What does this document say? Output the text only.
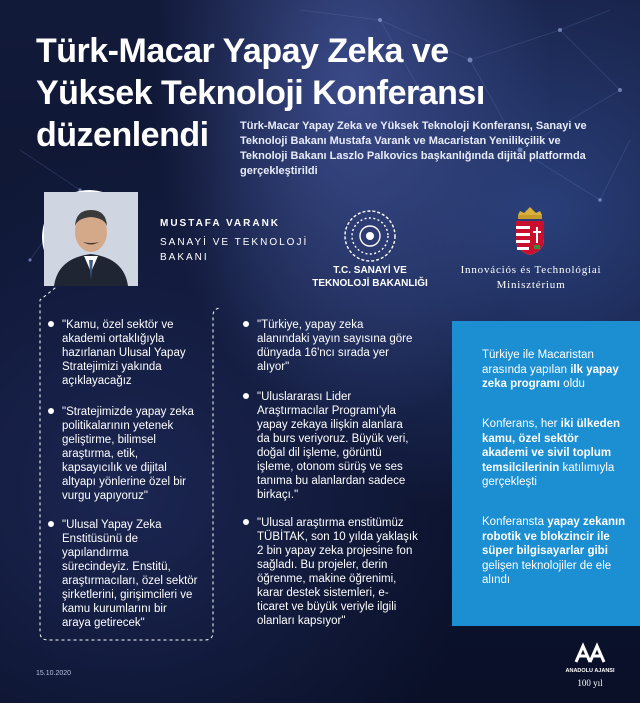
Türk-Macar Yapay Zeka ve
Yüksek Teknoloji Konferansı
düzenlendi	Türk-Macar Yapay Zeka ve Yüksek Teknoloji Konferansı, Sanayi ve Teknoloji Bakanı Mustafa Varank ve Macaristan Yenilikçilik ve Teknoloji Bakanı Laszlo Palkovics başkanlığında dijital platformda gerçekleştirildi
MUSTAFA VARANK
SANAYİ VE TEKNOLOJİ BAKANI
T.C. SANAYİ VE
TEKNOLOJİ BAKANLIĞI
Innovációs és Technológiai
Minisztérium
"Kamu, özel sektör ve akademi ortaklığıyla hazırlanan Ulusal Yapay Stratejimizi yakında açıklayacağız
"Stratejimizde yapay zeka politikalarının yetenek geliştirme, bilimsel araştırma, etik, kapsayıcılık ve dijital altyapı yönlerine özel bir vurgu yapıyoruz"
"Ulusal Yapay Zeka Enstitüsünü de yapılandırma sürecindeyiz. Enstitü, araştırmacıları, özel sektör şirketlerini, girişimcileri ve kamu kurumlarını bir araya getirecek"
"Türkiye, yapay zeka alanındaki yayın sayısına göre dünyada 16'ncı sırada yer alıyor"
"Uluslararası Lider Araştırmacılar Programı'yla yapay zekaya ilişkin alanlara da burs veriyoruz. Büyük veri, doğal dil işleme, görüntü işleme, otonom sürüş ve ses tanıma bu alanlardan sadece birkaçı."
"Ulusal araştırma enstitümüz TÜBİTAK, son 10 yılda yaklaşık 2 bin yapay zeka projesine fon sağladı. Bu projeler, derin öğrenme, makine öğrenimi, karar destek sistemleri, e-ticaret ve büyük veriyle ilgili olanları kapsıyor"
Türkiye ile Macaristan arasında yapılan ilk yapay zeka programı oldu
Konferans, her iki ülkeden kamu, özel sektör akademi ve sivil toplum temsilcilerinin katılımıyla gerçekleşti
Konferansta yapay zekanın robotik ve blokzincir ile süper bilgisayarlar gibi gelişen teknolojiler de ele alındı
15.10.2020	ANADOLU AJANSI
100 yıl
